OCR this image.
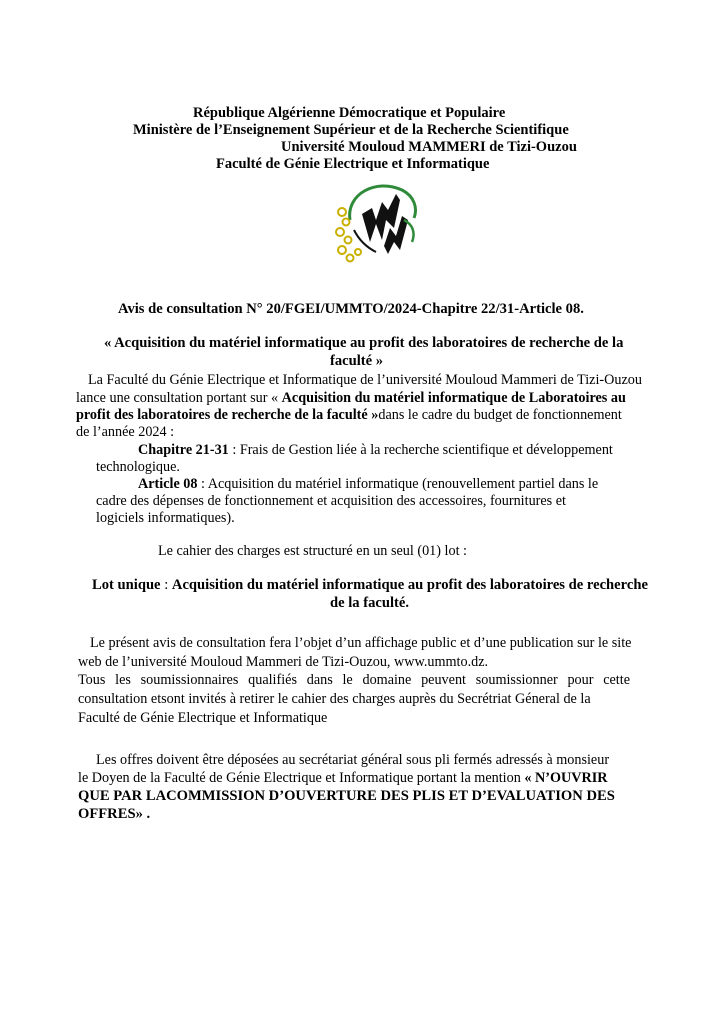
République Algérienne Démocratique et Populaire
Ministère de l’Enseignement Supérieur et de la Recherche Scientifique
Université Mouloud MAMMERI de Tizi-Ouzou
Faculté de Génie Electrique et Informatique
Avis de consultation N° 20/FGEI/UMMTO/2024-Chapitre 22/31-Article 08.
« Acquisition du matériel informatique au profit des laboratoires de recherche de la
faculté »
La Faculté du Génie Electrique et Informatique de l’université Mouloud Mammeri de Tizi-Ouzou
lance une consultation portant sur « Acquisition du matériel informatique de Laboratoires au
profit des laboratoires de recherche de la faculté »dans le cadre du budget de fonctionnement
de l’année 2024 :
Chapitre 21-31 : Frais de Gestion liée à la recherche scientifique et développement
technologique.
Article 08 : Acquisition du matériel informatique (renouvellement partiel dans le
cadre des dépenses de fonctionnement et acquisition des accessoires, fournitures et
logiciels informatiques).
Le cahier des charges est structuré en un seul (01) lot :
Lot unique : Acquisition du matériel informatique au profit des laboratoires de recherche
de la faculté.
Le présent avis de consultation fera l’objet d’un affichage public et d’une publication sur le site
web de l’université Mouloud Mammeri de Tizi-Ouzou, www.ummto.dz.
Tous les soumissionnaires qualifiés dans le domaine peuvent soumissionner pour cette
consultation etsont invités à retirer le cahier des charges auprès du Secrétriat Géneral de la
Faculté de Génie Electrique et Informatique
Les offres doivent être déposées au secrétariat général sous pli fermés adressés à monsieur
le Doyen de la Faculté de Génie Electrique et Informatique portant la mention « N’OUVRIR
QUE PAR LACOMMISSION D’OUVERTURE DES PLIS ET D’EVALUATION DES
OFFRES» .
